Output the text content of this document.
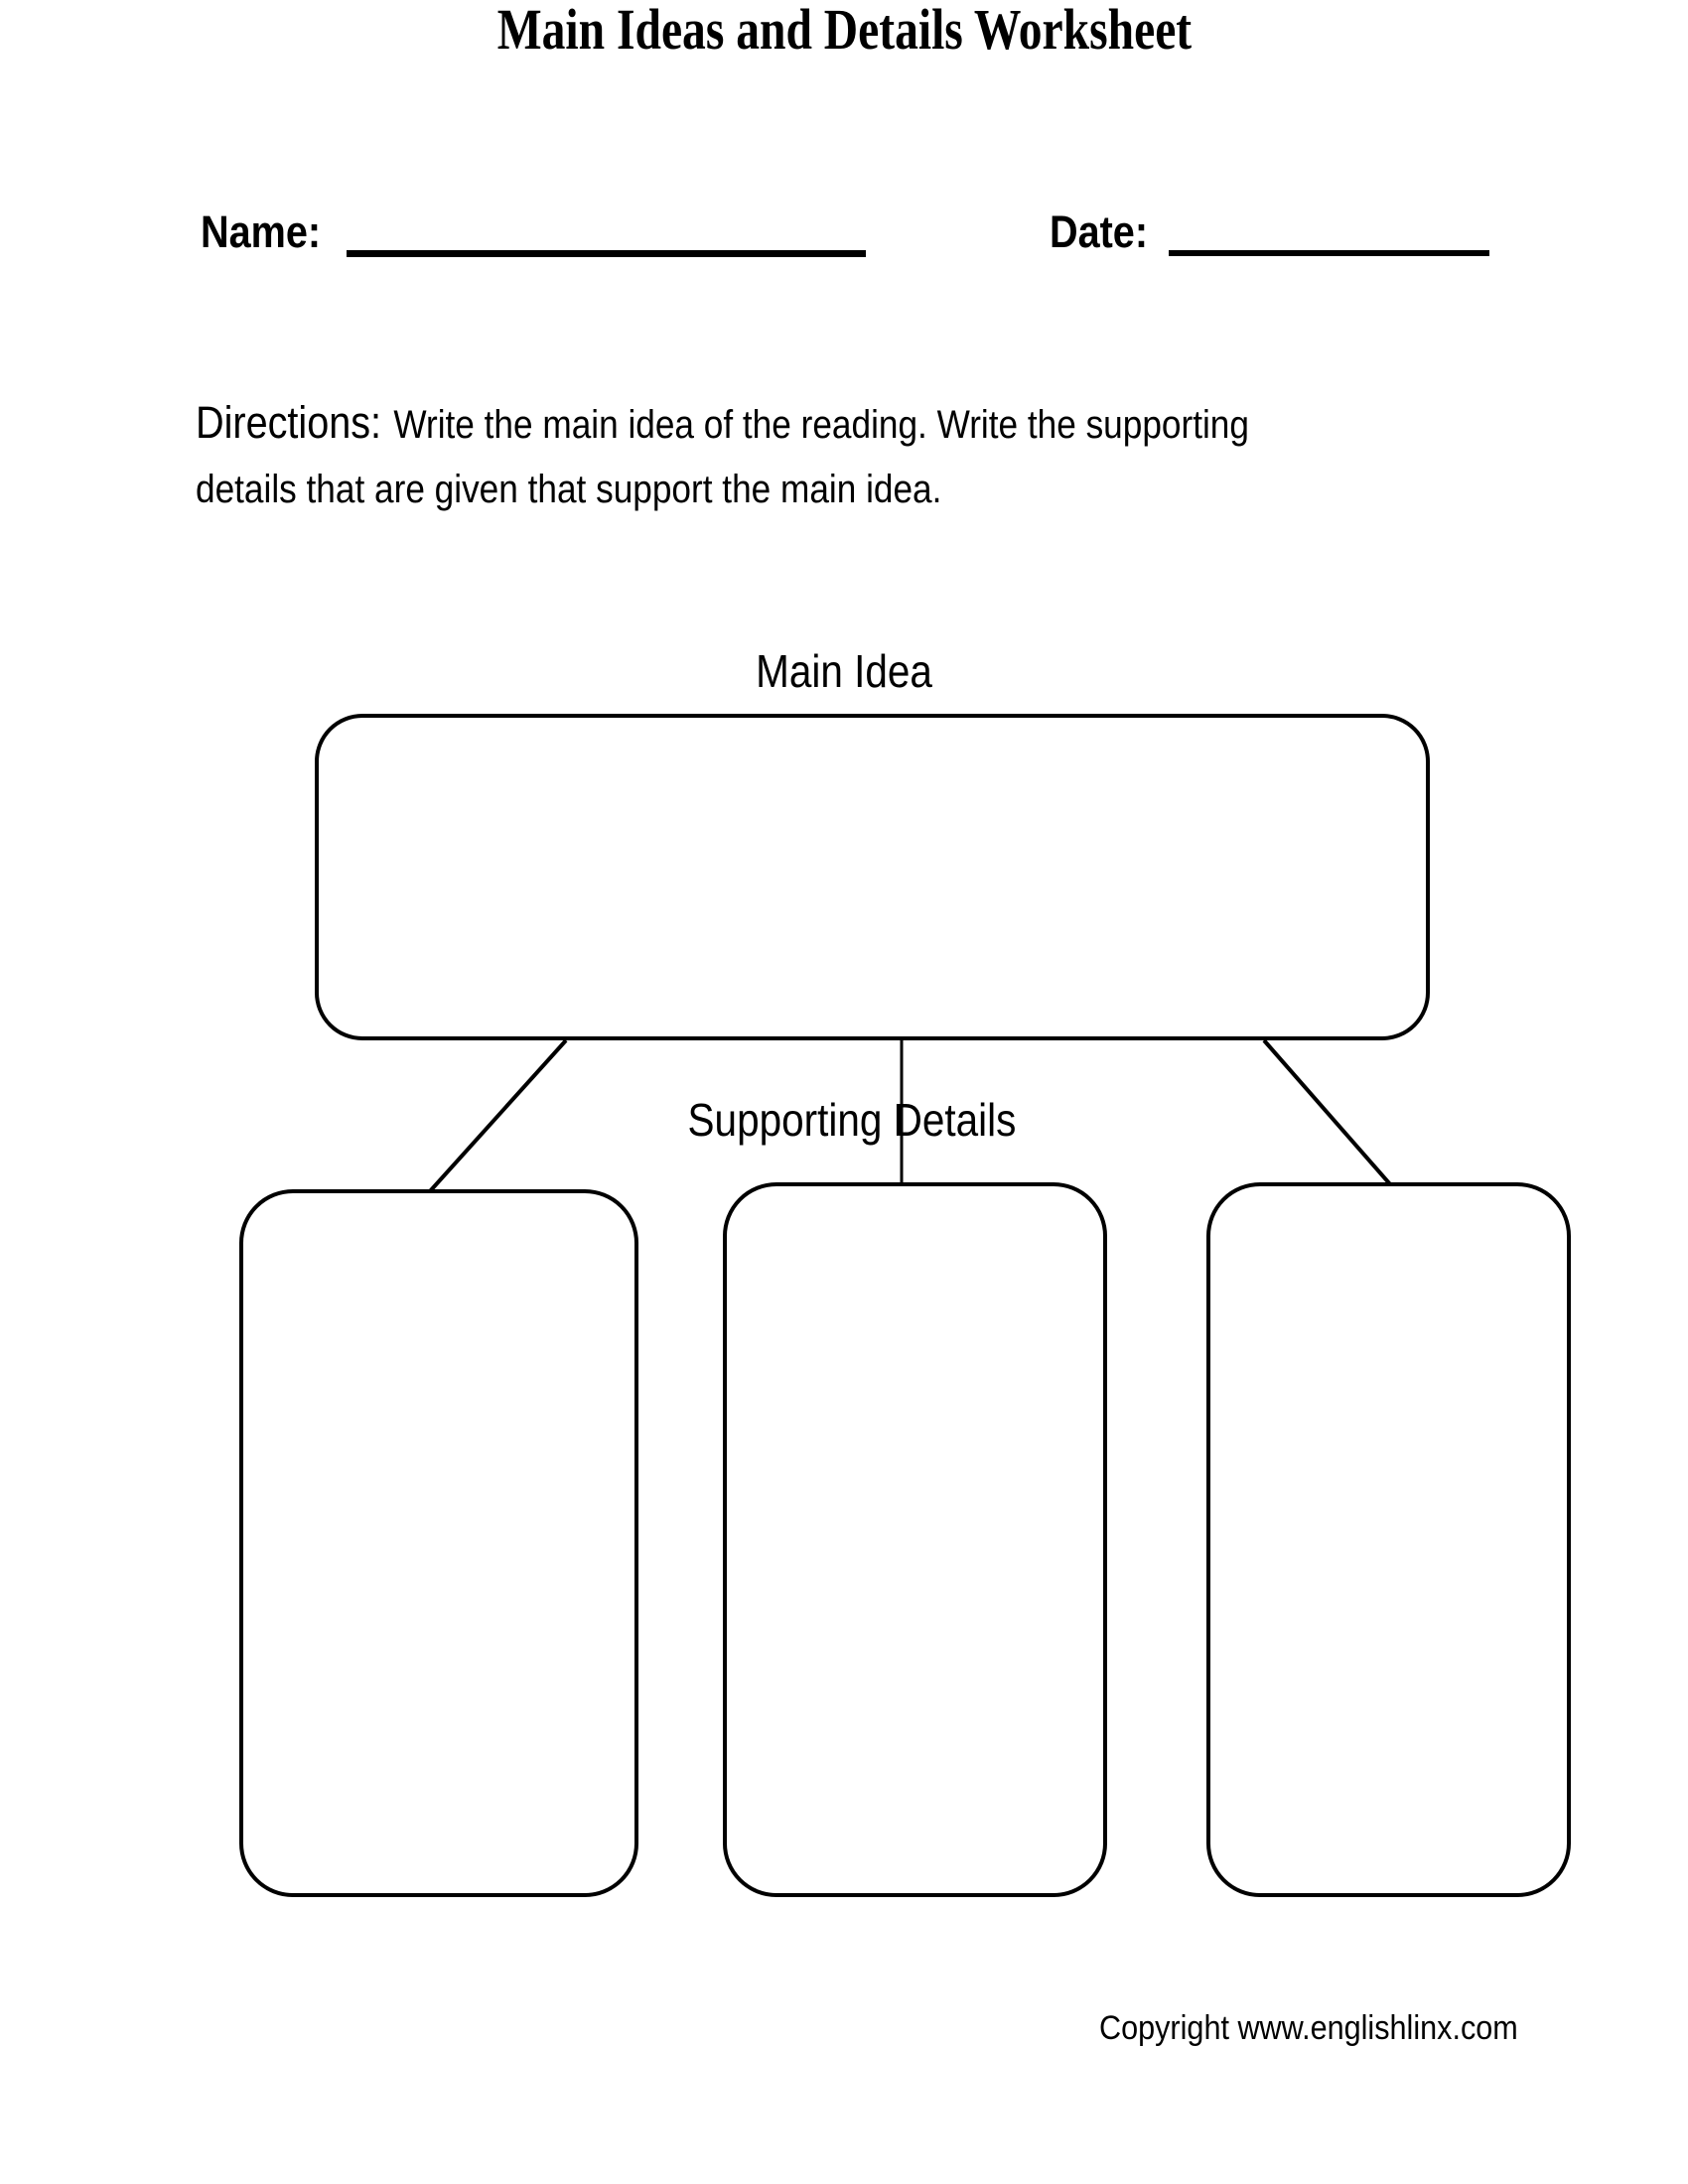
Name:	Date:
Main Ideas and Details Worksheet
Directions: Write the main idea of the reading. Write the supporting
details that are given that support the main idea.
Main Idea
Supporting Details
Copyright www.englishlinx.com
